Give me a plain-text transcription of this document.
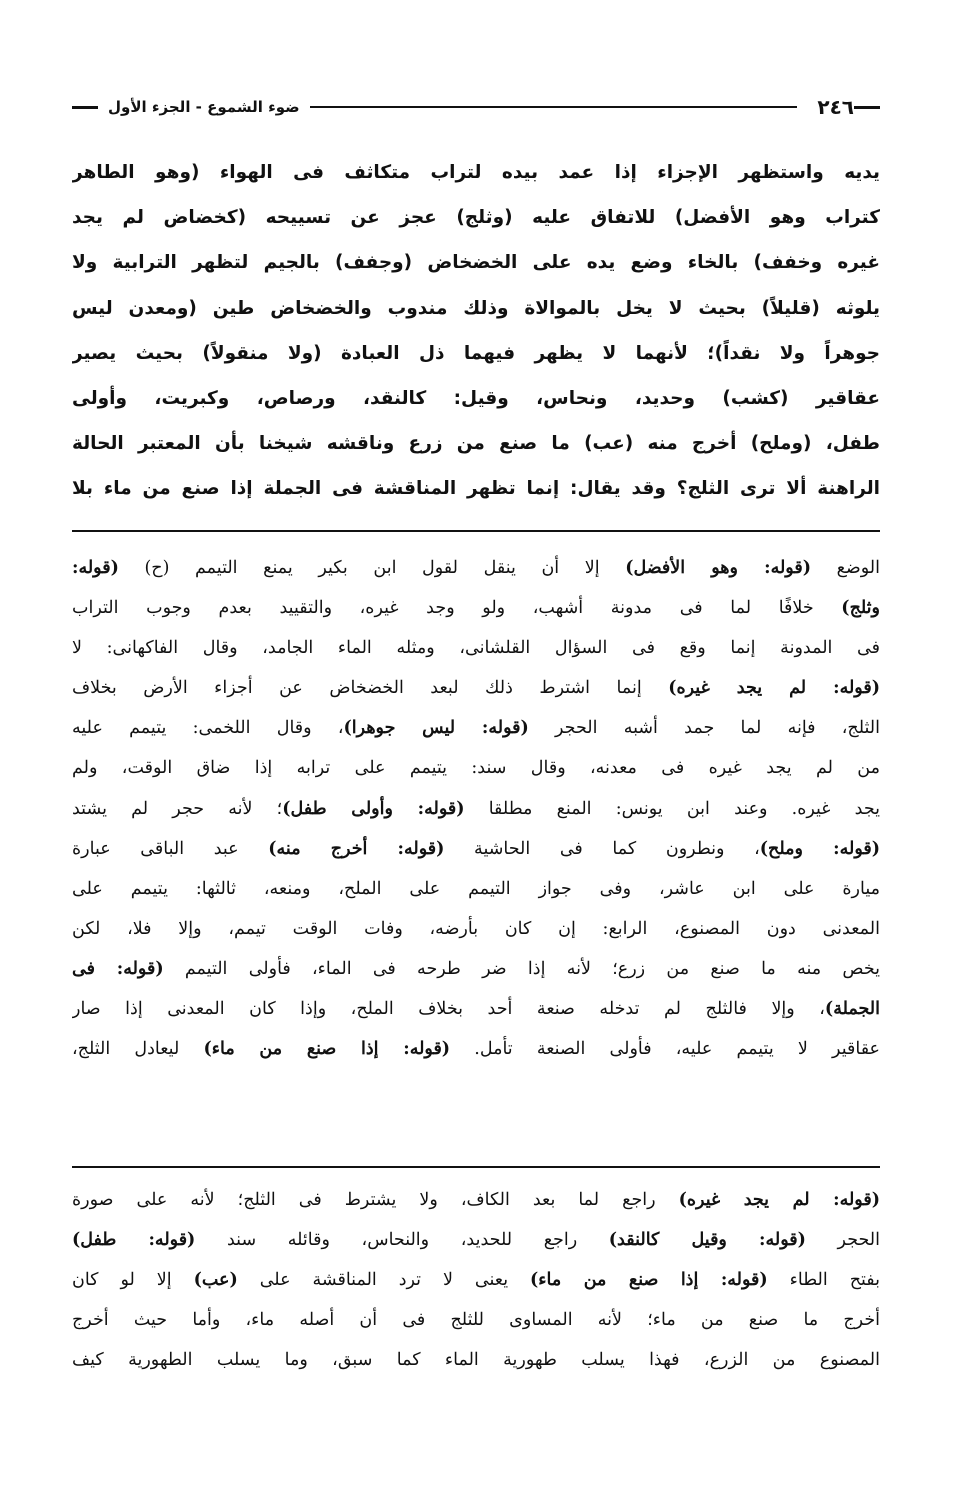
٢٤٦
ضوء الشموع - الجزء الأول

يديه واستظهر الإجزاء إذا عمد بيده لتراب متكاثف فى الهواء (وهو الطاهر

كتراب وهو الأفضل) للاتفاق عليه (وثلج) عجز عن تسييحه (كخضاض لم يجد

غيره وخفف) بالخاء وضع يده على الخضخاض (وجفف) بالجيم لتظهر الترابية ولا

يلوثه (قليلاً) بحيث لا يخل بالموالاة وذلك مندوب والخضخاض طين (ومعدن ليس

جوهراً ولا نقداً)؛ لأنهما لا يظهر فيهما ذل العبادة (ولا منقولاً) بحيث يصير

عقاقير (كشب) وحديد، ونحاس، وقيل: كالنقد، ورصاص، وكبريت، وأولى

طفل، (وملح) أخرج منه (عب) ما صنع من زرع وناقشه شيخنا بأن المعتبر الحالة

الراهنة ألا ترى الثلج؟ وقد يقال: إنما تظهر المناقشة فى الجملة إذا صنع من ماء بلا

الوضع (قوله: وهو الأفضل) إلا أن ينقل لقول ابن بكير يمنع التيمم (ح) (قوله:

وثلج) خلافًا لما فى مدونة أشهب، ولو وجد غيره، والتقييد بعدم وجوب التراب

فى المدونة إنما وقع فى السؤال القلشانى، ومثله الماء الجامد، وقال الفاكهانى: لا

(قوله: لم يجد غيره) إنما اشترط ذلك لبعد الخضخاض عن أجزاء الأرض بخلاف

الثلج، فإنه لما جمد أشبه الحجر (قوله: ليس جوهرا)، وقال اللخمى: يتيمم عليه

من لم يجد غيره فى معدنه، وقال سند: يتيمم على ترابه إذا ضاق الوقت، ولم

يجد غيره. وعند ابن يونس: المنع مطلقا (قوله: وأولى طفل)؛ لأنه حجر لم يشتد

(قوله: وملح)، ونطرون كما فى الحاشية (قوله: أخرج منه) عبد الباقى عبارة

ميارة على ابن عاشر، وفى جواز التيمم على الملح، ومنعه، ثالثها: يتيمم على

المعدنى دون المصنوع، الرابع: إن كان بأرضه، وفات الوقت تيمم، وإلا فلا، لكن

يخص منه ما صنع من زرع؛ لأنه إذا ضر طرحه فى الماء، فأولى التيمم (قوله: فى

الجملة)، وإلا فالثلج لم تدخله صنعة أحد بخلاف الملح، وإذا كان المعدنى إذا صار

عقاقير لا يتيمم عليه، فأولى الصنعة تأمل. (قوله: إذا صنع من ماء) ليعادل الثلج،

(قوله: لم يجد غيره) راجع لما بعد الكاف، ولا يشترط فى الثلج؛ لأنه على صورة

الحجر (قوله: وقيل كالنقد) راجع للحديد، والنحاس، وقائله سند (قوله: طفل)

بفتح الطاء (قوله: إذا صنع من ماء) يعنى لا ترد المناقشة على (عب) إلا لو كان

أخرج ما صنع من ماء؛ لأنه المساوى للثلج فى أن أصله ماء، وأما حيث أخرج

المصنوع من الزرع، فهذا يسلب طهورية الماء كما سبق، وما يسلب الطهورية كيف
